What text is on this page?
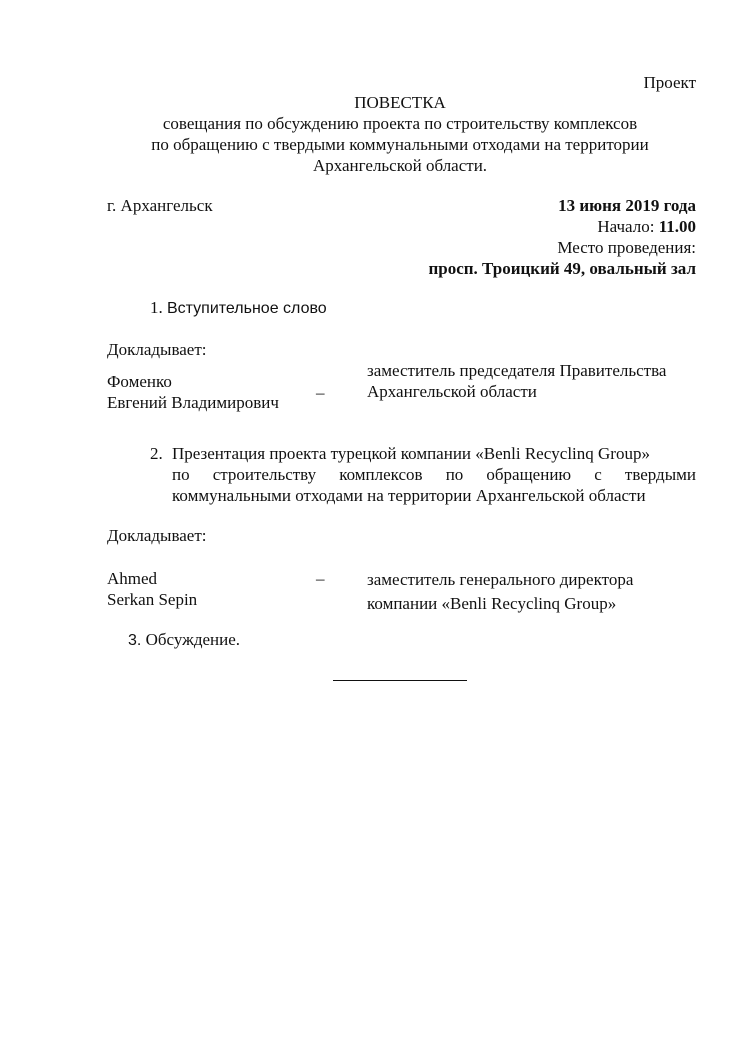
Проект
ПОВЕСТКА
совещания по обсуждению проекта по строительству комплексов
по обращению с твердыми коммунальными отходами на территории
Архангельской области.
г. Архангельск	13 июня 2019 года
Начало: 11.00
Место проведения:
просп. Троицкий 49, овальный зал
1. Вступительное слово
Докладывает:
Фоменко
Евгений Владимирович
–
заместитель председателя Правительства
Архангельской области
2. Презентация проекта турецкой компании «Benli Recyclinq Group»
по строительству комплексов по обращению с твердыми
коммунальными отходами на территории Архангельской области
Докладывает:
Ahmed
Serkan Sepin
–	заместитель генерального директора
компании «Benli Recyclinq Group»
3. Обсуждение.
